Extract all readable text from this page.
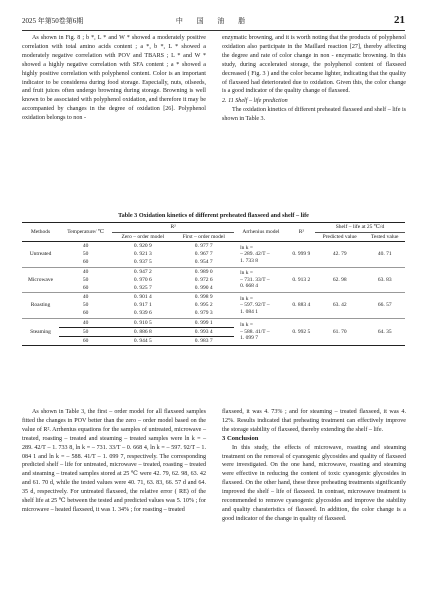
2025 年第50卷第6期	中 国 油 脂	21

As shown in Fig. 8 ; b *, L * and W * showed a moderately positive correlation with total amino acids content ; a *, b *, L * showed a moderately negative correlation with POV and TBARS ; L * and W * showed a highly negative correlation with SFA content ; a * showed a highly positive correlation with polyphenol content. Color is an important indicator to be considerea during food storage. Especially, nuts, oilseeds, and fruit juices often undergo browning during storage. Browning is well known to be associated with polyphenol oxidation, and therefore it may be accompanied by changes in the degree of oxidation [26]. Polyphenol oxidation belongs to non -

enzymatic browning, and it is worth noting that the products of polyphenol oxidation also participate in the Maillard reaction [27], thereby affecting the degree and rate of color change in non - enzymatic browning. In this study, during accelerated storage, the polyphenol content of flaxseed decreased ( Fig. 3 ) and the color became lighter, indicating that the quality of flaxseed had deteriorated due to oxidation. Given this, the color change is a good indicator of the quality change of flaxseed.

2. 11 Shelf – life prediction

The oxidation kinetics of different preheated flaxseed and shelf – life is shown in Table 3.

Table 3 Oxidation kinetics of different preheated flaxseed and shelf – life
Methods	Temperature/ ℃	R²		Arrhenius model	R²	Shelf – life at 25 ℃/d	
		Zero – order model	First – order model			Predicted value	Tested value
Untreated	40	0. 920 9	0. 977 7	ln k =
– 289. 42/T –
1. 733 8	0. 999 9	42. 79	40. 71
	50	0. 921 3	0. 967 7				
	60	0. 937 5	0. 954 7				
Microwave	40	0. 947 2	0. 989 0	ln k =
– 731. 33/T –
0. 668 4	0. 913 2	62. 98	63. 83
	50	0. 970 6	0. 972 6				
	60	0. 925 7	0. 990 4				
Roasting	40	0. 901 4	0. 998 9	ln k =
– 597. 92/T –
1. 084 1	0. 883 4	63. 42	66. 57
	50	0. 917 1	0. 995 2				
	60	0. 939 6	0. 979 3				
Steaming	40	0. 910 5	0. 999 1	ln k =
– 588. 41/T –
1. 099 7	0. 992 5	61. 70	64. 35
	50	0. 886 8	0. 993 4				
	60	0. 944 5	0. 983 7				

As shown in Table 3, the first – order model for all flaxseed samples fitted the changes in POV better than the zero – order model based on the value of R². Arrhenius equations for the samples of untreated, microwave – treated, roasting – treated and steaming – treated samples were ln k = – 289. 42/T – 1. 733 8, ln k = – 731. 33/T – 0. 668 4, ln k = – 597. 92/T – 1. 084 1 and ln k = – 588. 41/T – 1. 099 7, respectively. The corresponding predicted shelf – life for untreated, microwave – treated, roasting – treated and steaming – treated samples stored at 25 ℃ were 42. 79, 62. 98, 63. 42 and 61. 70 d, while the tested values were 40. 71, 63. 83, 66. 57 d and 64. 35 d, respectively. For untreated flaxseed, the relative error ( RE) of the shelf life at 25 ℃ between the tested and predicted values was 5. 10% ; for microwave – heated flaxseed, it was 1. 34% ; for roasting – treated

flaxseed, it was 4. 73% ; and for steaming – treated flaxseed, it was 4. 12%. Results indicated that preheating treatment can effectively improve the storage stability of flaxseed, thereby extending the shelf – life.

3 Conclusion

In this study, the effects of microwave, roasting and steaming treatment on the removal of cyanogenic glycosides and quality of flaxseed were investigated. On the one hand, microwave, roasting and steaming were effective in reducing the content of toxic cyanogenic glycosides in flaxseed. On the other hand, these three preheating treatments significantly improved the shelf – life of flaxseed. In contrast, microwave treatment is recommended to remove cyanogenic glycosides and improve the stability and quality charateristics of flaxseed. In addition, the color change is a good indicator of the change in quality of flaxseed.
